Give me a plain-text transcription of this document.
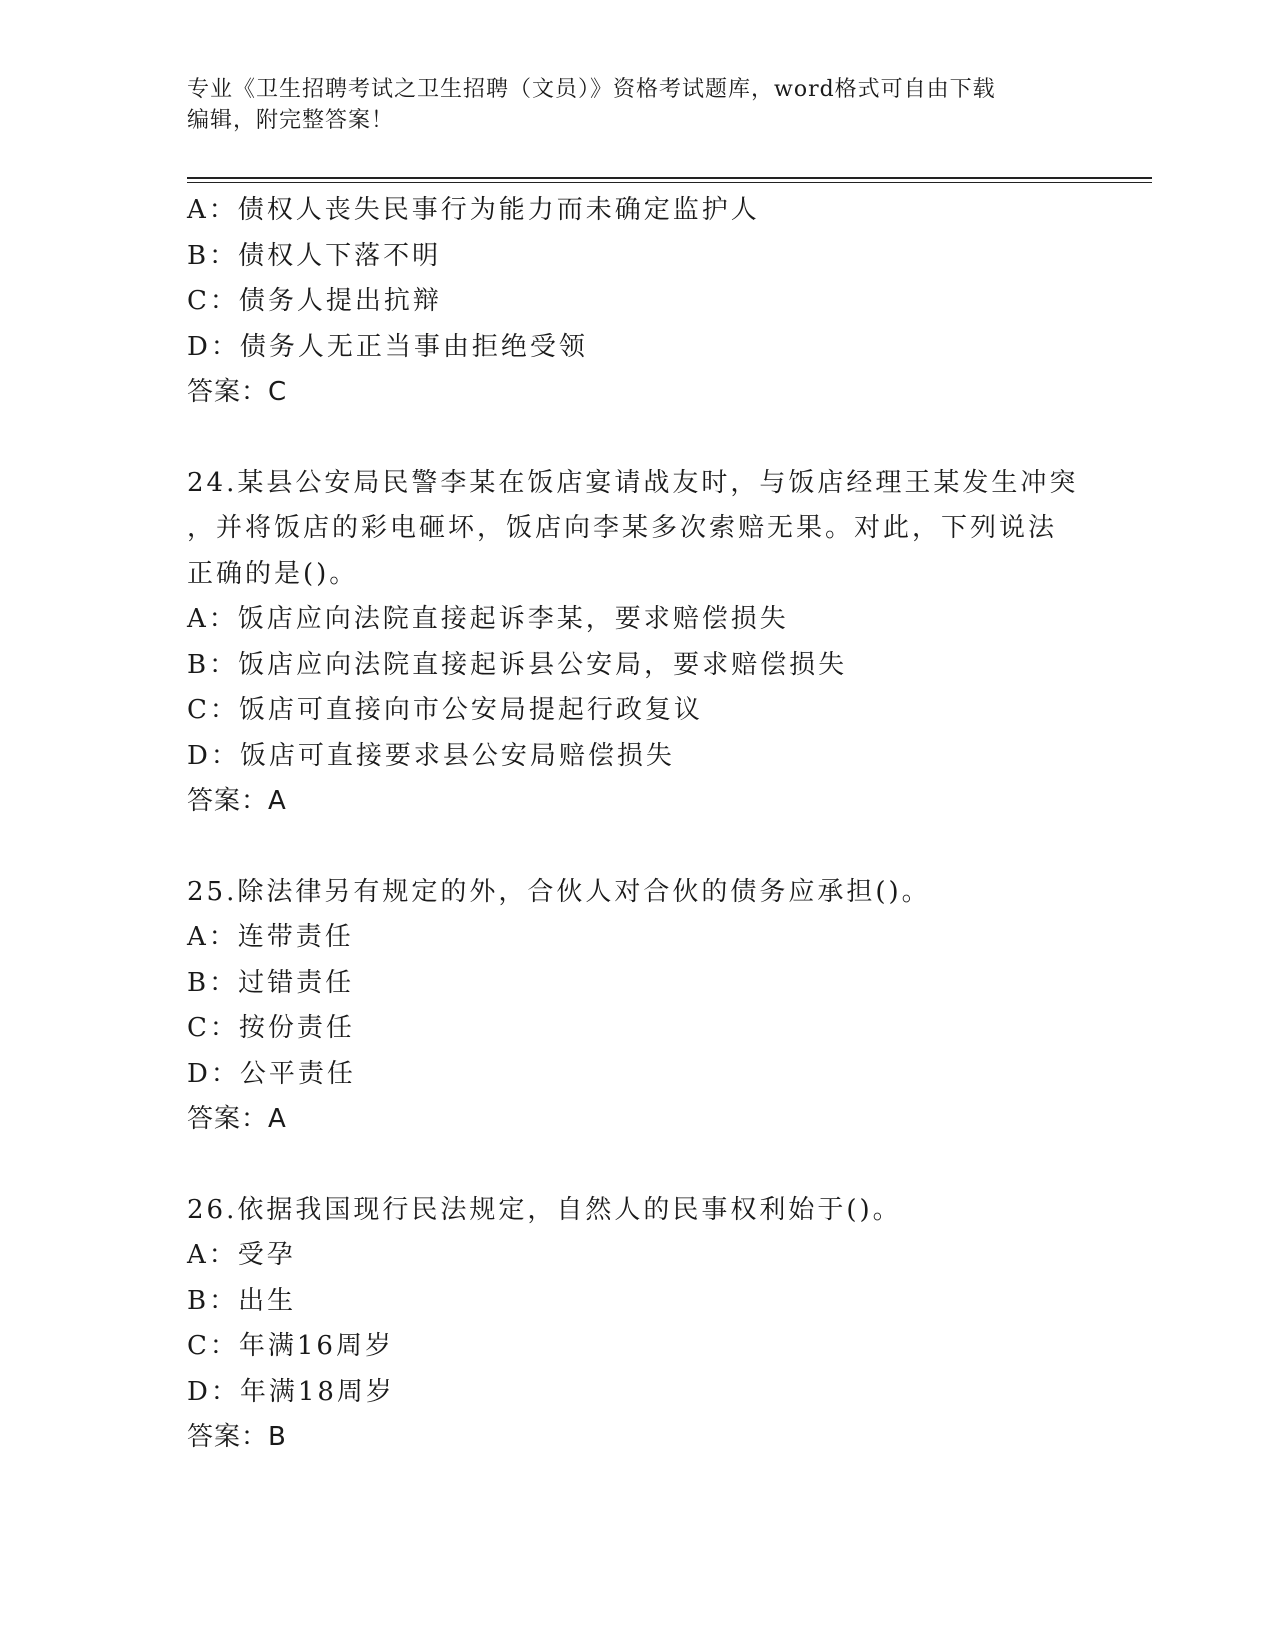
专业《卫生招聘考试之卫生招聘（文员）》资格考试题库，word格式可自由下载
编辑，附完整答案！
A：债权人丧失民事行为能力而未确定监护人
B：债权人下落不明
C：债务人提出抗辩
D：债务人无正当事由拒绝受领
答案：C
24.某县公安局民警李某在饭店宴请战友时，与饭店经理王某发生冲突
，并将饭店的彩电砸坏，饭店向李某多次索赔无果。对此，下列说法
正确的是()。
A：饭店应向法院直接起诉李某，要求赔偿损失
B：饭店应向法院直接起诉县公安局，要求赔偿损失
C：饭店可直接向市公安局提起行政复议
D：饭店可直接要求县公安局赔偿损失
答案：A
25.除法律另有规定的外，合伙人对合伙的债务应承担()。
A：连带责任
B：过错责任
C：按份责任
D：公平责任
答案：A
26.依据我国现行民法规定，自然人的民事权利始于()。
A：受孕
B：出生
C：年满16周岁
D：年满18周岁
答案：B
